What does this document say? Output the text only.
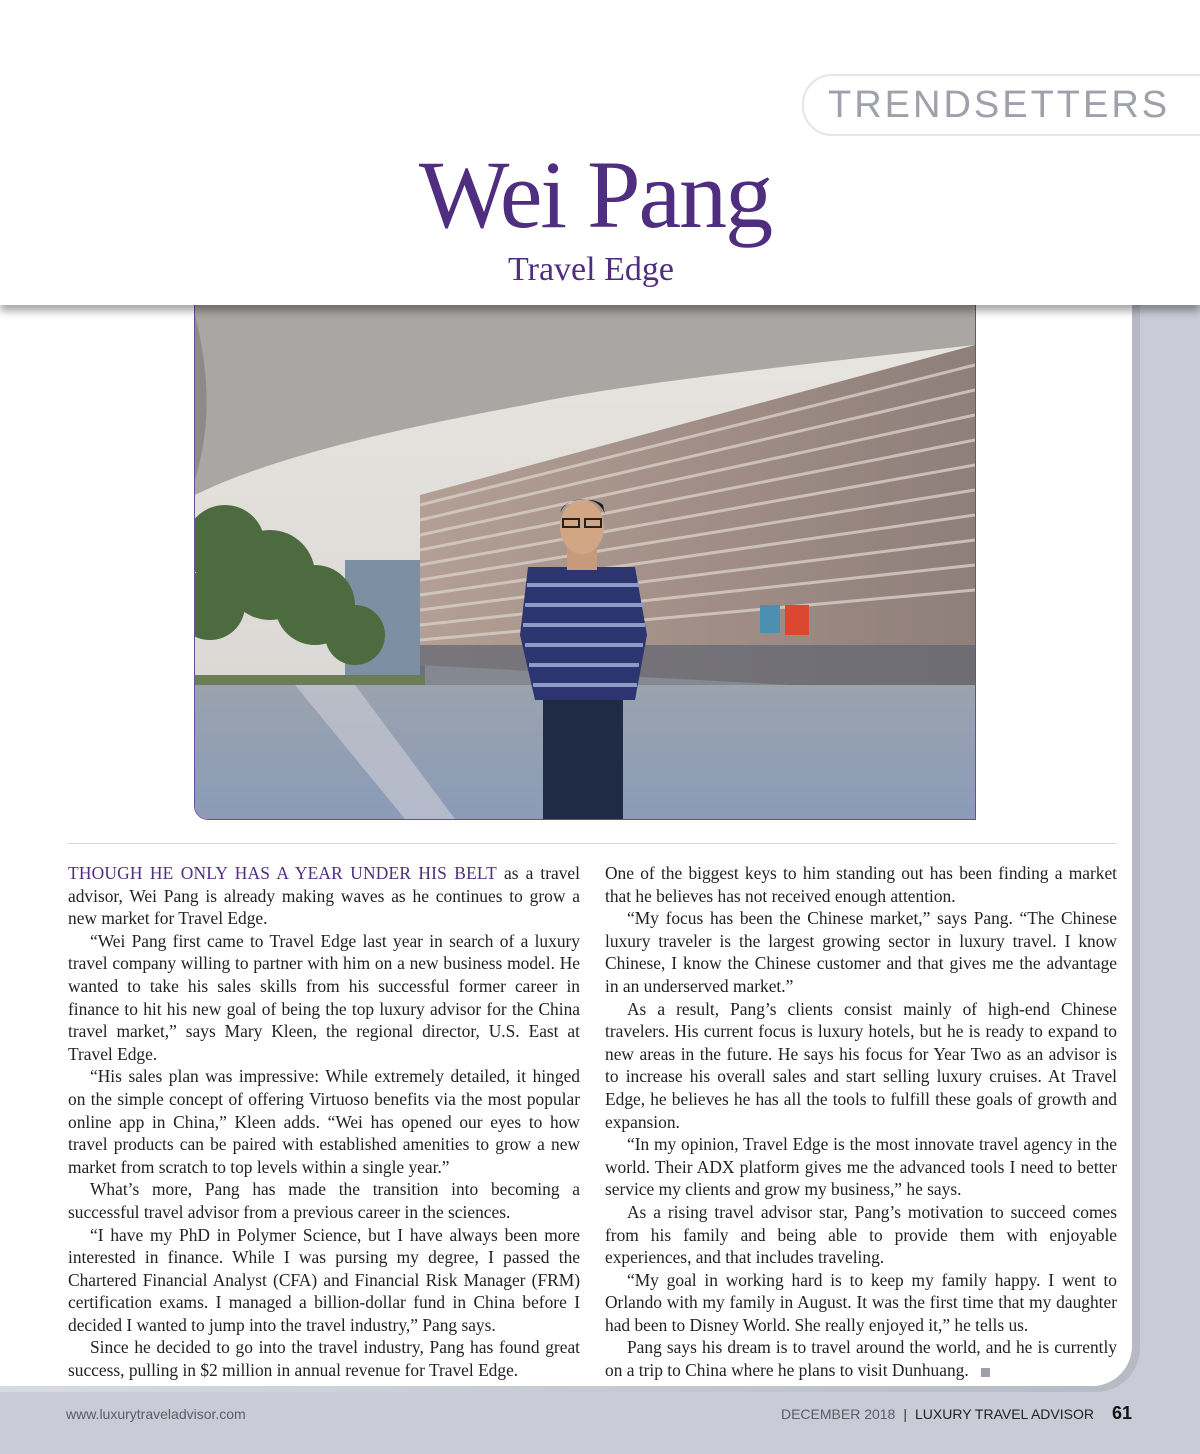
TRENDSETTERS
Wei Pang
Travel Edge

THOUGH HE ONLY HAS A YEAR UNDER HIS BELT as a travel advisor, Wei Pang is already making waves as he continues to grow a new market for Travel Edge.

“Wei Pang first came to Travel Edge last year in search of a luxury travel company willing to partner with him on a new business model. He wanted to take his sales skills from his successful former career in finance to hit his new goal of being the top luxury advisor for the China travel market,” says Mary Kleen, the regional director, U.S. East at Travel Edge.

“His sales plan was impressive: While extremely detailed, it hinged on the simple concept of offering Virtuoso benefits via the most popular online app in China,” Kleen adds. “Wei has opened our eyes to how travel products can be paired with established amenities to grow a new market from scratch to top levels within a single year.”

What’s more, Pang has made the transition into becoming a successful travel advisor from a previous career in the sciences.

“I have my PhD in Polymer Science, but I have always been more interested in finance. While I was pursing my degree, I passed the Chartered Financial Analyst (CFA) and Financial Risk Manager (FRM) certification exams. I managed a billion-dollar fund in China before I decided I wanted to jump into the travel industry,” Pang says.

Since he decided to go into the travel industry, Pang has found great success, pulling in $2 million in annual revenue for Travel Edge.

One of the biggest keys to him standing out has been finding a market that he believes has not received enough attention.

“My focus has been the Chinese market,” says Pang. “The Chinese luxury traveler is the largest growing sector in luxury travel. I know Chinese, I know the Chinese customer and that gives me the advantage in an underserved market.”

As a result, Pang’s clients consist mainly of high-end Chinese travelers. His current focus is luxury hotels, but he is ready to expand to new areas in the future. He says his focus for Year Two as an advisor is to increase his overall sales and start selling luxury cruises. At Travel Edge, he believes he has all the tools to fulfill these goals of growth and expansion.

“In my opinion, Travel Edge is the most innovate travel agency in the world. Their ADX platform gives me the advanced tools I need to better service my clients and grow my business,” he says.

As a rising travel advisor star, Pang’s motivation to succeed comes from his family and being able to provide them with enjoyable experiences, and that includes traveling.

“My goal in working hard is to keep my family happy. I went to Orlando with my family in August. It was the first time that my daughter had been to Disney World. She really enjoyed it,” he tells us.

Pang says his dream is to travel around the world, and he is currently on a trip to China where he plans to visit Dunhuang.

www.luxurytraveladvisor.com	DECEMBER 2018 | LUXURY TRAVEL ADVISOR 61
